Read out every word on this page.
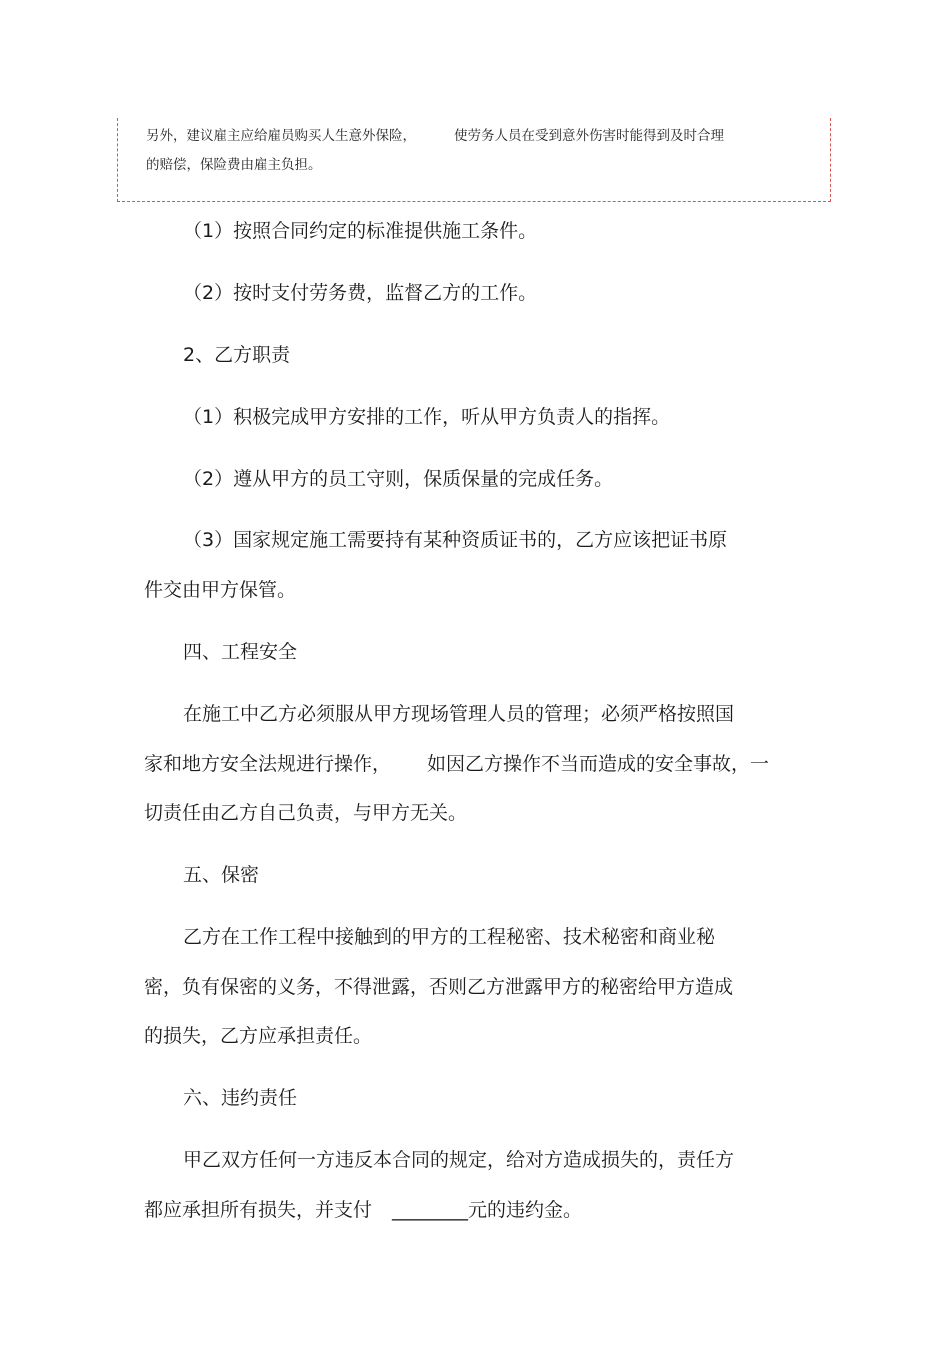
另外，建议雇主应给雇员购买人生意外保险，	使劳务人员在受到意外伤害时能得到及时合理
的赔偿，保险费由雇主负担。
（1）按照合同约定的标准提供施工条件。
（2）按时支付劳务费，监督乙方的工作。
2、乙方职责
（1）积极完成甲方安排的工作，听从甲方负责人的指挥。
（2）遵从甲方的员工守则，保质保量的完成任务。
（3）国家规定施工需要持有某种资质证书的，乙方应该把证书原
件交由甲方保管。
四、工程安全
在施工中乙方必须服从甲方现场管理人员的管理；必须严格按照国
家和地方安全法规进行操作， 如因乙方操作不当而造成的安全事故，一
切责任由乙方自己负责，与甲方无关。
五、保密
乙方在工作工程中接触到的甲方的工程秘密、技术秘密和商业秘
密，负有保密的义务，不得泄露，否则乙方泄露甲方的秘密给甲方造成
的损失，乙方应承担责任。
六、违约责任
甲乙双方任何一方违反本合同的规定，给对方造成损失的，责任方
都应承担所有损失，并支付 ________元的违约金。
